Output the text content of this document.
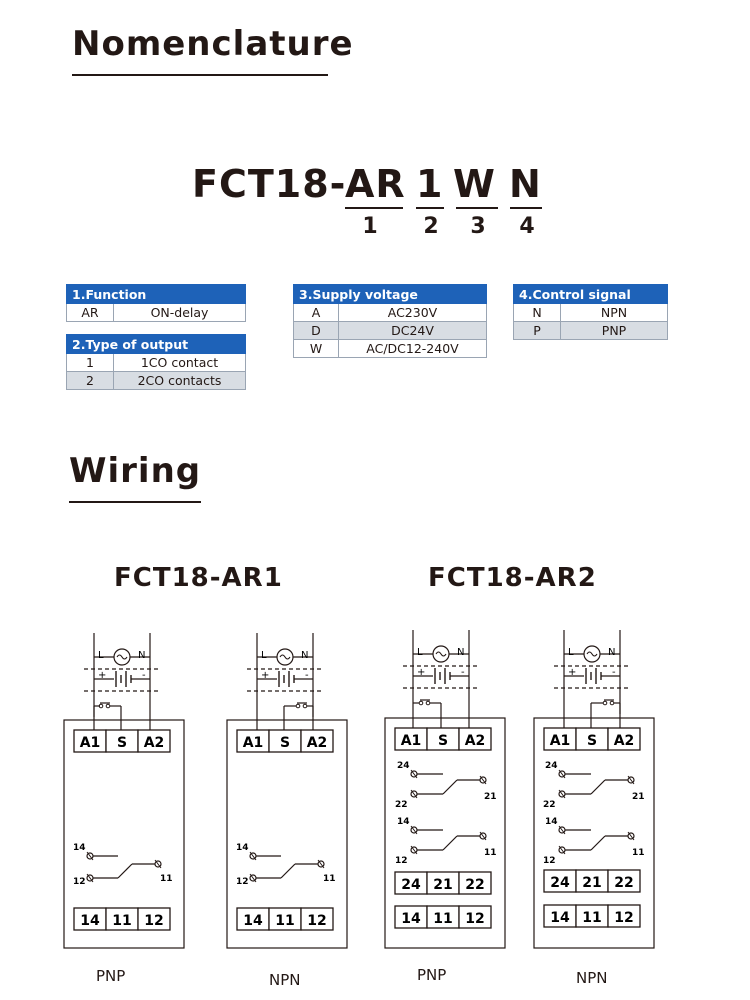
Nomenclature
FCT18-
AR 1 W N
1	2	3	4
1.Function
AR	ON-delay
2.Type of output	
1	1CO contact
2	2CO contacts
3.Supply voltage	
A	AC230V
D	DC24V
W	AC/DC12-240V
4.Control signal	
N	NPN
P	PNP
Wiring
FCT18-AR1	FCT18-AR2
L	N
+	-
A1 S A2
14
12	11
14 11 12
L	N
+	-
A1 S A2
14
12	11
14 11 12
L	N
+	-
A1 S A2
24
22
21
14
12
11
24 21 22
14 11 12
L	N
+	-
A1 S A2
24
22
21
14
12
11
24 21 22
14 11 12
PNP	NPN	PNP	NPN
